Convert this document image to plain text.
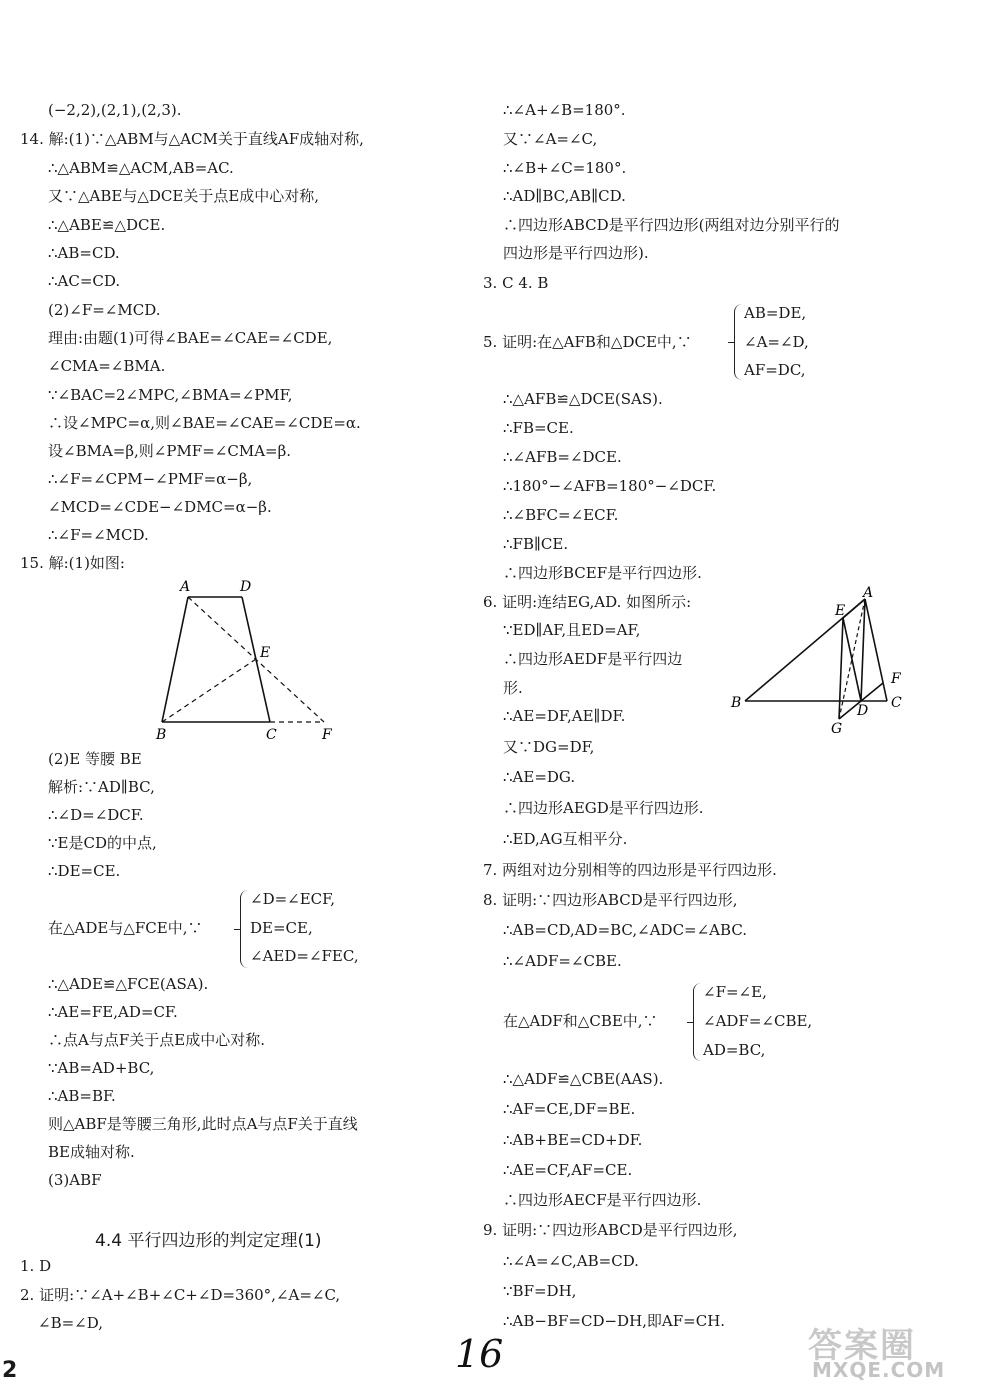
(−2,2),(2,1),(2,3).
14. 解:(1)∵△ABM与△ACM关于直线AF成轴对称,
∴△ABM≌△ACM,AB=AC.
又∵△ABE与△DCE关于点E成中心对称,
∴△ABE≌△DCE.
∴AB=CD.
∴AC=CD.
(2)∠F=∠MCD.
理由:由题(1)可得∠BAE=∠CAE=∠CDE,
∠CMA=∠BMA.
∵∠BAC=2∠MPC,∠BMA=∠PMF,
∴设∠MPC=α,则∠BAE=∠CAE=∠CDE=α.
设∠BMA=β,则∠PMF=∠CMA=β.
∴∠F=∠CPM−∠PMF=α−β,
∠MCD=∠CDE−∠DMC=α−β.
∴∠F=∠MCD.
15. 解:(1)如图:
A	D
E
B	C	F
(2)E 等腰 BE
解析:∵AD∥BC,
∴∠D=∠DCF.
∵E是CD的中点,
∴DE=CE.
在△ADE与△FCE中,∵
∠D=∠ECF,
DE=CE,
∠AED=∠FEC,
∴△ADE≌△FCE(ASA).
∴AE=FE,AD=CF.
∴点A与点F关于点E成中心对称.
∵AB=AD+BC,
∴AB=BF.
则△ABF是等腰三角形,此时点A与点F关于直线
BE成轴对称.
(3)ABF
4.4 平行四边形的判定定理(1)
1. D
2. 证明:∵∠A+∠B+∠C+∠D=360°,∠A=∠C,
∠B=∠D,
∴∠A+∠B=180°.
又∵∠A=∠C,
∴∠B+∠C=180°.
∴AD∥BC,AB∥CD.
∴四边形ABCD是平行四边形(两组对边分别平行的
四边形是平行四边形).
3. C 4. B
5. 证明:在△AFB和△DCE中,∵
AB=DE,
∠A=∠D,
AF=DC,
∴△AFB≌△DCE(SAS).
∴FB=CE.
∴∠AFB=∠DCE.
∴180°−∠AFB=180°−∠DCF.
∴∠BFC=∠ECF.
∴FB∥CE.
∴四边形BCEF是平行四边形.
6. 证明:连结EG,AD. 如图所示:
∵ED∥AF,且ED=AF,
∴四边形AEDF是平行四边
形.
∴AE=DF,AE∥DF.
又∵DG=DF,
∴AE=DG.
∴四边形AEGD是平行四边形.
∴ED,AG互相平分.
7. 两组对边分别相等的四边形是平行四边形.
8. 证明:∵四边形ABCD是平行四边形,
∴AB=CD,AD=BC,∠ADC=∠ABC.
∴∠ADF=∠CBE.
E
A
F
C
B	D
G
在△ADF和△CBE中,∵
∠F=∠E,
∠ADF=∠CBE,
AD=BC,
∴△ADF≌△CBE(AAS).
∴AF=CE,DF=BE.
∴AB+BE=CD+DF.
∴AE=CF,AF=CE.
∴四边形AECF是平行四边形.
9. 证明:∵四边形ABCD是平行四边形,
∴∠A=∠C,AB=CD.
∵BF=DH,
∴AB−BF=CD−DH,即AF=CH.
2	16	答案圈
MXQE.COM
